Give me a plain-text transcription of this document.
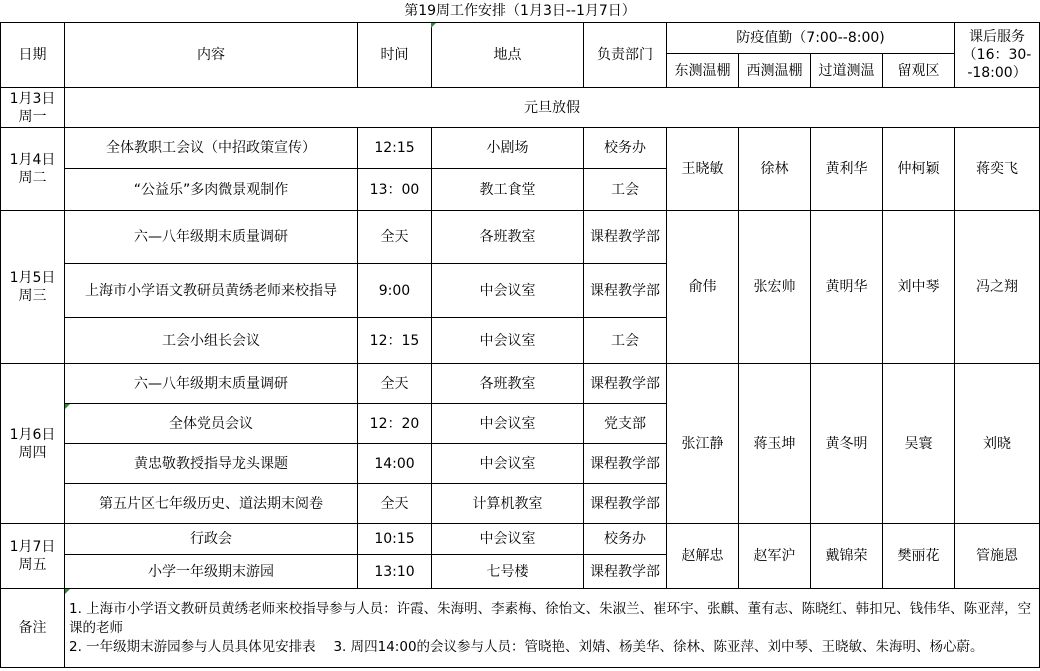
第19周工作安排（1月3日--1月7日）
日期	内容	时间	地点	负责部门	防疫值勤（7:00--8:00)				课后服务（16：30--18:00）
					东测温棚	西测温棚	过道测温	留观区	
1月3日
周一	元旦放假								
1月4日
周二	全体教职工会议（中招政策宣传）	12:15	小剧场	校务办	王晓敏	徐林	黄利华	仲柯颖	蒋奕飞
	“公益乐”多肉微景观制作	13：00	教工食堂	工会					
1月5日
周三	六—八年级期末质量调研	全天	各班教室	课程教学部	俞伟	张宏帅	黄明华	刘中琴	冯之翔
	上海市小学语文教研员黄绣老师来校指导	9:00	中会议室	课程教学部					
	工会小组长会议	12：15	中会议室	工会					
1月6日
周四	六—八年级期末质量调研	全天	各班教室	课程教学部	张江静	蒋玉坤	黄冬明	吴寰	刘晓
	全体党员会议	12：20	中会议室	党支部					
	黄忠敬教授指导龙头课题	14:00	中会议室	课程教学部					
	第五片区七年级历史、道法期末阅卷	全天	计算机教室	课程教学部					
1月7日
周五	行政会	10:15	中会议室	校务办	赵解忠	赵军沪	戴锦荣	樊丽花	管施恩
	小学一年级期末游园	13:10	七号楼	课程教学部					
备注	1. 上海市小学语文教研员黄绣老师来校指导参与人员：许霞、朱海明、李素梅、徐怡文、朱淑兰、崔环宇、张麒、董有志、陈晓红、韩扣兄、钱伟华、陈亚萍，空课的老师
2. 一年级期末游园参与人员具体见安排表　 3. 周四14:00的会议参与人员：管晓艳、刘婧、杨美华、徐林、陈亚萍、刘中琴、王晓敏、朱海明、杨心蔚。								
